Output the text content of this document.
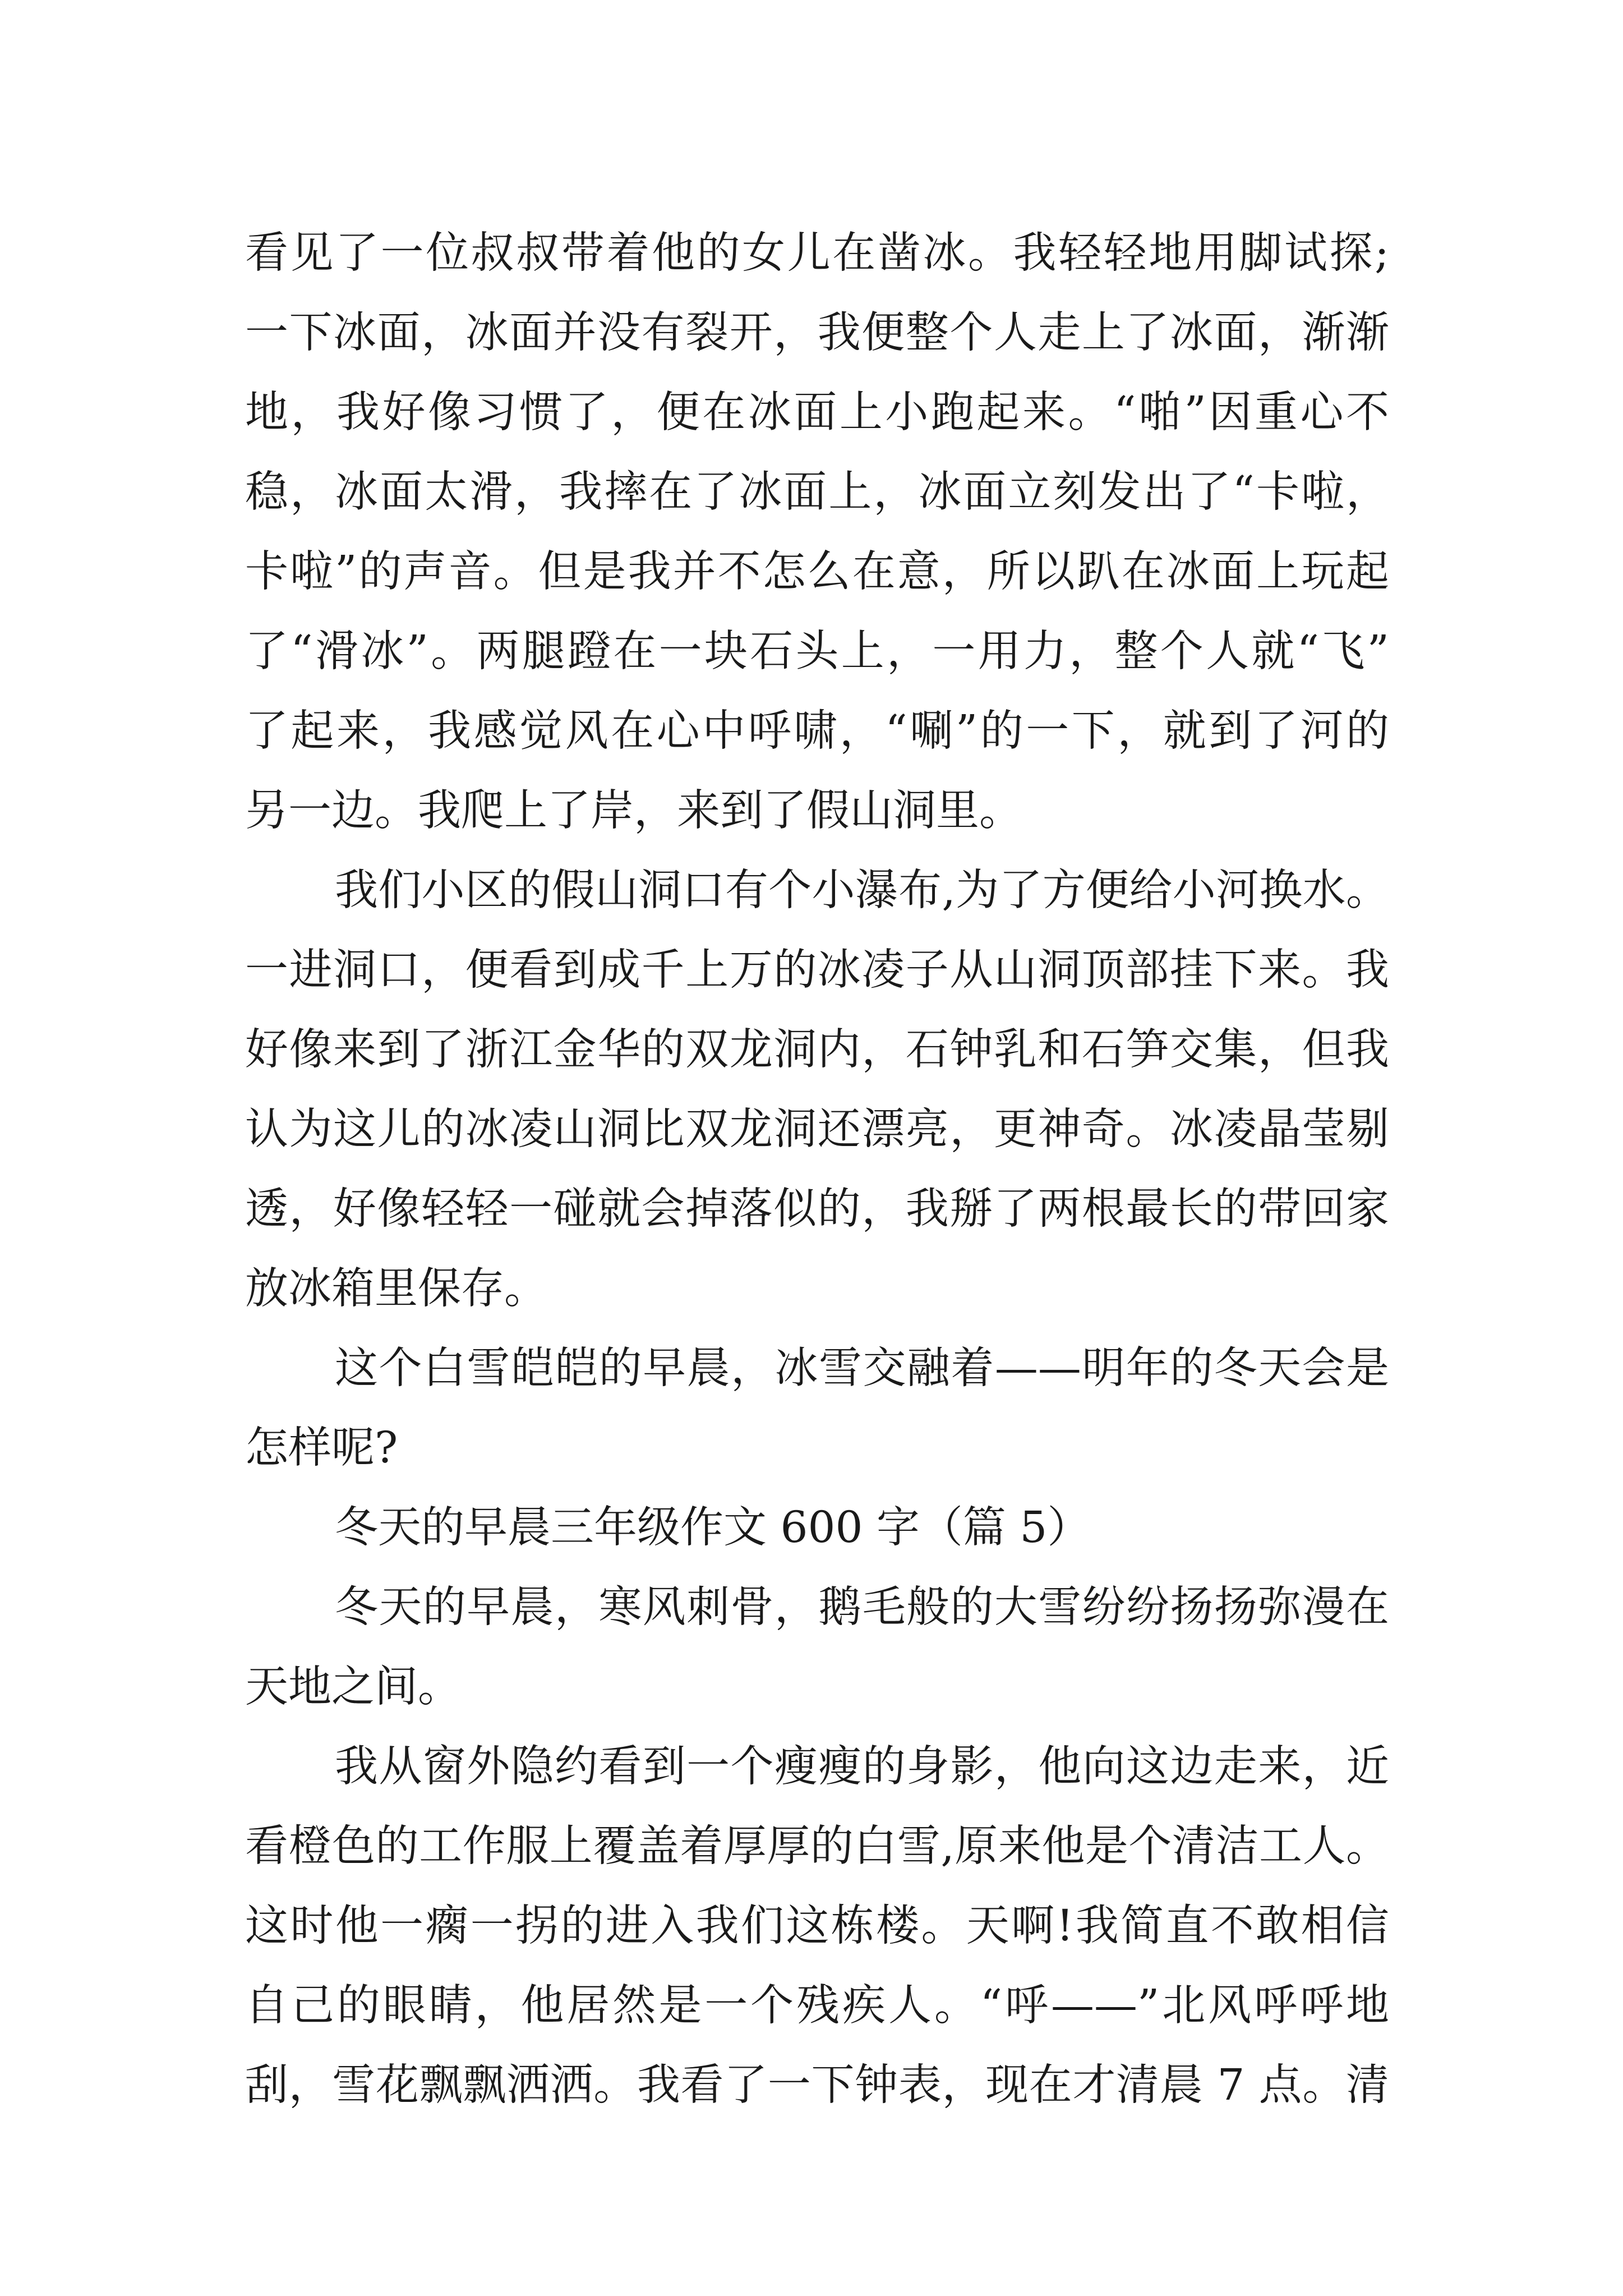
看见了一位叔叔带着他的女儿在凿冰。我轻轻地用脚试探;
一下冰面，冰面并没有裂开，我便整个人走上了冰面，渐渐
地，我好像习惯了，便在冰面上小跑起来。“啪”因重心不
稳，冰面太滑，我摔在了冰面上，冰面立刻发出了“卡啦，
卡啦”的声音。但是我并不怎么在意，所以趴在冰面上玩起
了“滑冰”。两腿蹬在一块石头上，一用力，整个人就“飞”
了起来，我感觉风在心中呼啸，“唰”的一下，就到了河的
另一边。我爬上了岸，来到了假山洞里。
我们小区的假山洞口有个小瀑布,为了方便给小河换水。
一进洞口，便看到成千上万的冰凌子从山洞顶部挂下来。我
好像来到了浙江金华的双龙洞内，石钟乳和石笋交集，但我
认为这儿的冰凌山洞比双龙洞还漂亮，更神奇。冰凌晶莹剔
透，好像轻轻一碰就会掉落似的，我掰了两根最长的带回家
放冰箱里保存。
这个白雪皑皑的早晨，冰雪交融着——明年的冬天会是
怎样呢?
冬天的早晨三年级作文 600 字（篇 5）
冬天的早晨，寒风刺骨，鹅毛般的大雪纷纷扬扬弥漫在
天地之间。
我从窗外隐约看到一个瘦瘦的身影，他向这边走来，近
看橙色的工作服上覆盖着厚厚的白雪,原来他是个清洁工人。
这时他一瘸一拐的进入我们这栋楼。天啊!我简直不敢相信
自己的眼睛，他居然是一个残疾人。“呼——”北风呼呼地
刮，雪花飘飘洒洒。我看了一下钟表，现在才清晨 7 点。清
